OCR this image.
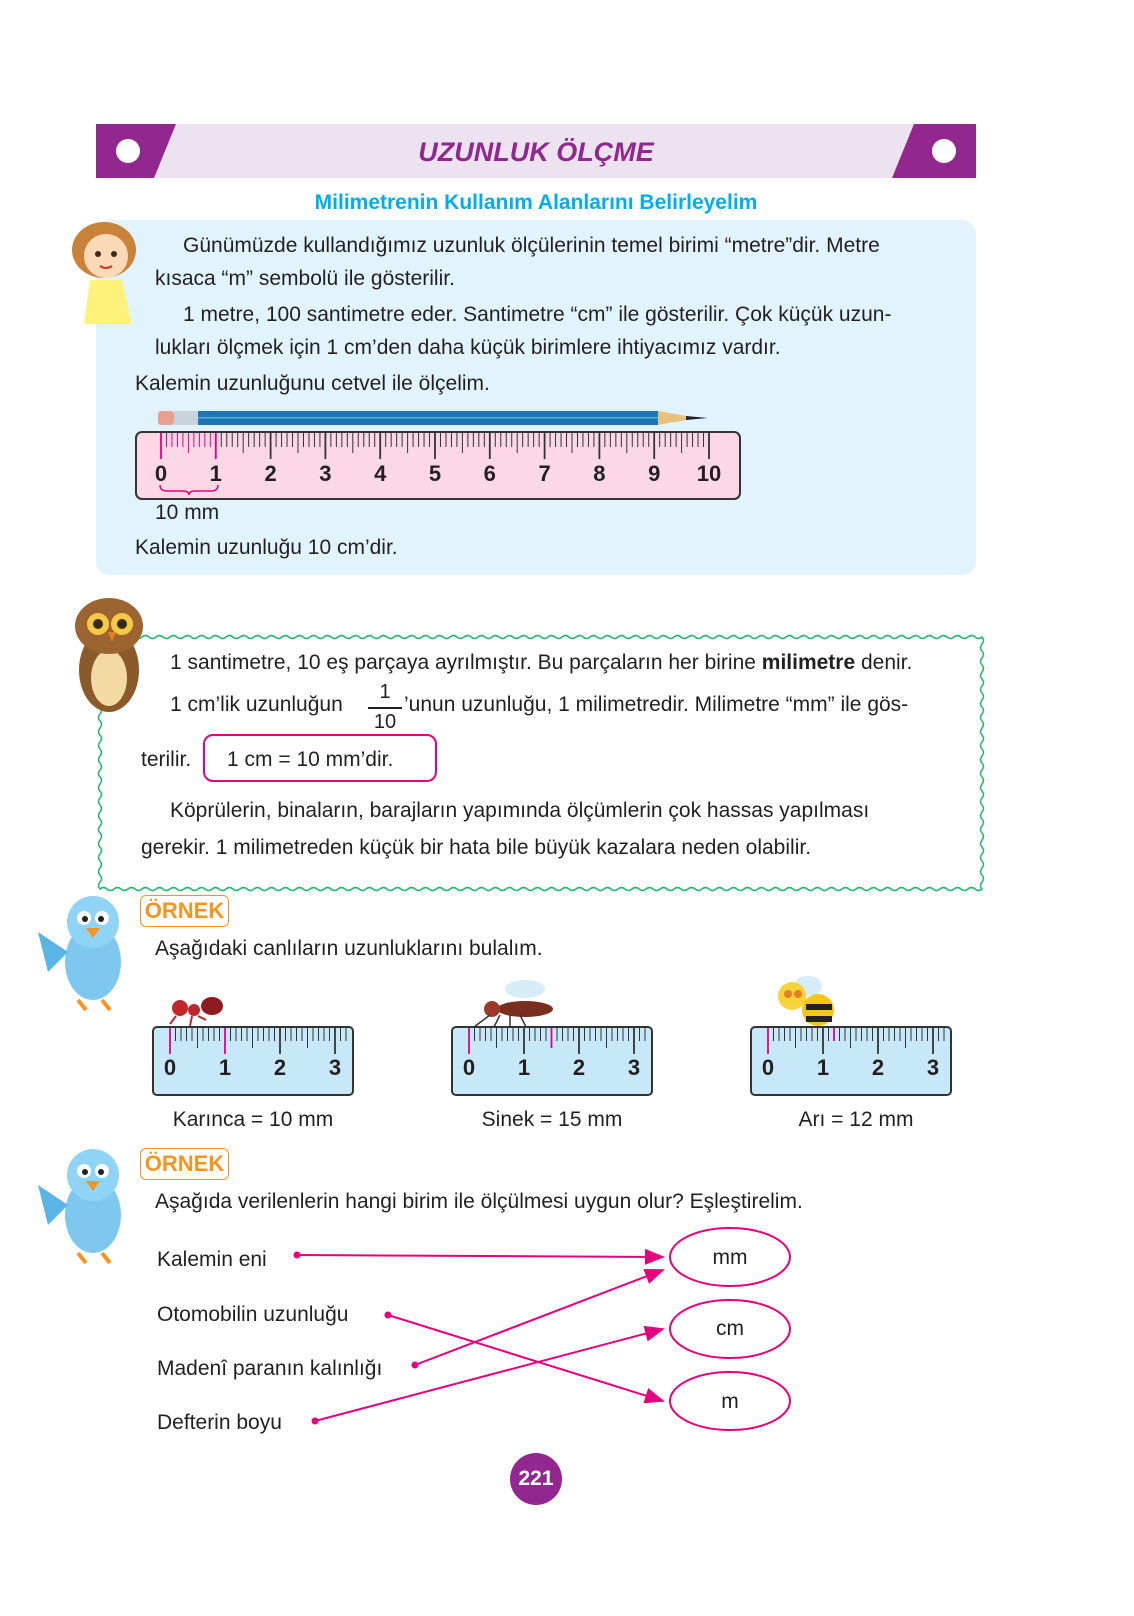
UZUNLUK ÖLÇME
Milimetrenin Kullanım Alanlarını Belirleyelim
Günümüzde kullandığımız uzunluk ölçülerinin temel birimi “metre”dir. Metre
kısaca “m” sembolü ile gösterilir.
1 metre, 100 santimetre eder. Santimetre “cm” ile gösterilir. Çok küçük uzun-
lukları ölçmek için 1 cm’den daha küçük birimlere ihtiyacımız vardır.
Kalemin uzunluğunu cetvel ile ölçelim.
0 1 2 3 4 5 6 7 8 9 10
10 mm
Kalemin uzunluğu 10 cm’dir.
1 santimetre, 10 eş parçaya ayrılmıştır. Bu parçaların her birine milimetre denir.
1 cm’lik uzunluğun
1
10
’unun uzunluğu, 1 milimetredir. Milimetre “mm” ile gös-
terilir. 1 cm = 10 mm’dir.
Köprülerin, binaların, barajların yapımında ölçümlerin çok hassas yapılması
gerekir. 1 milimetreden küçük bir hata bile büyük kazalara neden olabilir.
ÖRNEK
Aşağıdaki canlıların uzunluklarını bulalım.
0 1 2 3	0 1 2 3	0 1 2 3
Karınca = 10 mm	Sinek = 15 mm	Arı = 12 mm
ÖRNEK
Aşağıda verilenlerin hangi birim ile ölçülmesi uygun olur? Eşleştirelim.
Kalemin eni
Otomobilin uzunluğu
Madenî paranın kalınlığı
Defterin boyu
mm
cm
m
221
